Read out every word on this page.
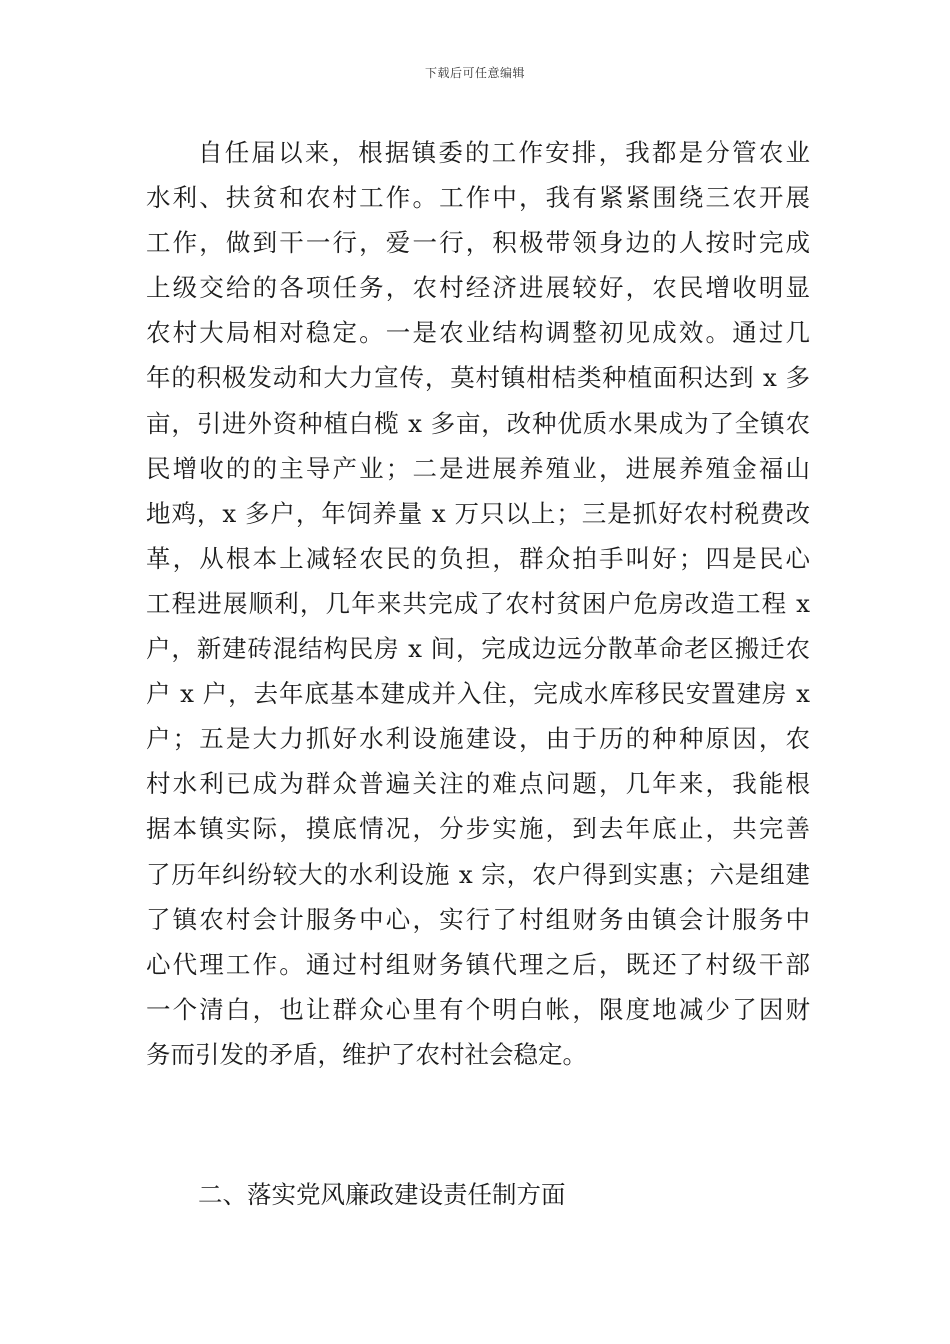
下载后可任意编辑
自任届以来，根据镇委的工作安排，我都是分管农业
水利、扶贫和农村工作。工作中，我有紧紧围绕三农开展
工作，做到干一行，爱一行，积极带领身边的人按时完成
上级交给的各项任务，农村经济进展较好，农民增收明显
农村大局相对稳定。一是农业结构调整初见成效。通过几
年的积极发动和大力宣传，莫村镇柑桔类种植面积达到 x 多
亩，引进外资种植白榄 x 多亩，改种优质水果成为了全镇农
民增收的的主导产业；二是进展养殖业，进展养殖金福山
地鸡，x 多户，年饲养量 x 万只以上；三是抓好农村税费改
革，从根本上减轻农民的负担，群众拍手叫好；四是民心
工程进展顺利，几年来共完成了农村贫困户危房改造工程 x
户，新建砖混结构民房 x 间，完成边远分散革命老区搬迁农
户 x 户，去年底基本建成并入住，完成水库移民安置建房 x
户；五是大力抓好水利设施建设，由于历的种种原因，农
村水利已成为群众普遍关注的难点问题，几年来，我能根
据本镇实际，摸底情况，分步实施，到去年底止，共完善
了历年纠纷较大的水利设施 x 宗，农户得到实惠；六是组建
了镇农村会计服务中心，实行了村组财务由镇会计服务中
心代理工作。通过村组财务镇代理之后，既还了村级干部
一个清白，也让群众心里有个明白帐，限度地减少了因财
务而引发的矛盾，维护了农村社会稳定。
二、落实党风廉政建设责任制方面
